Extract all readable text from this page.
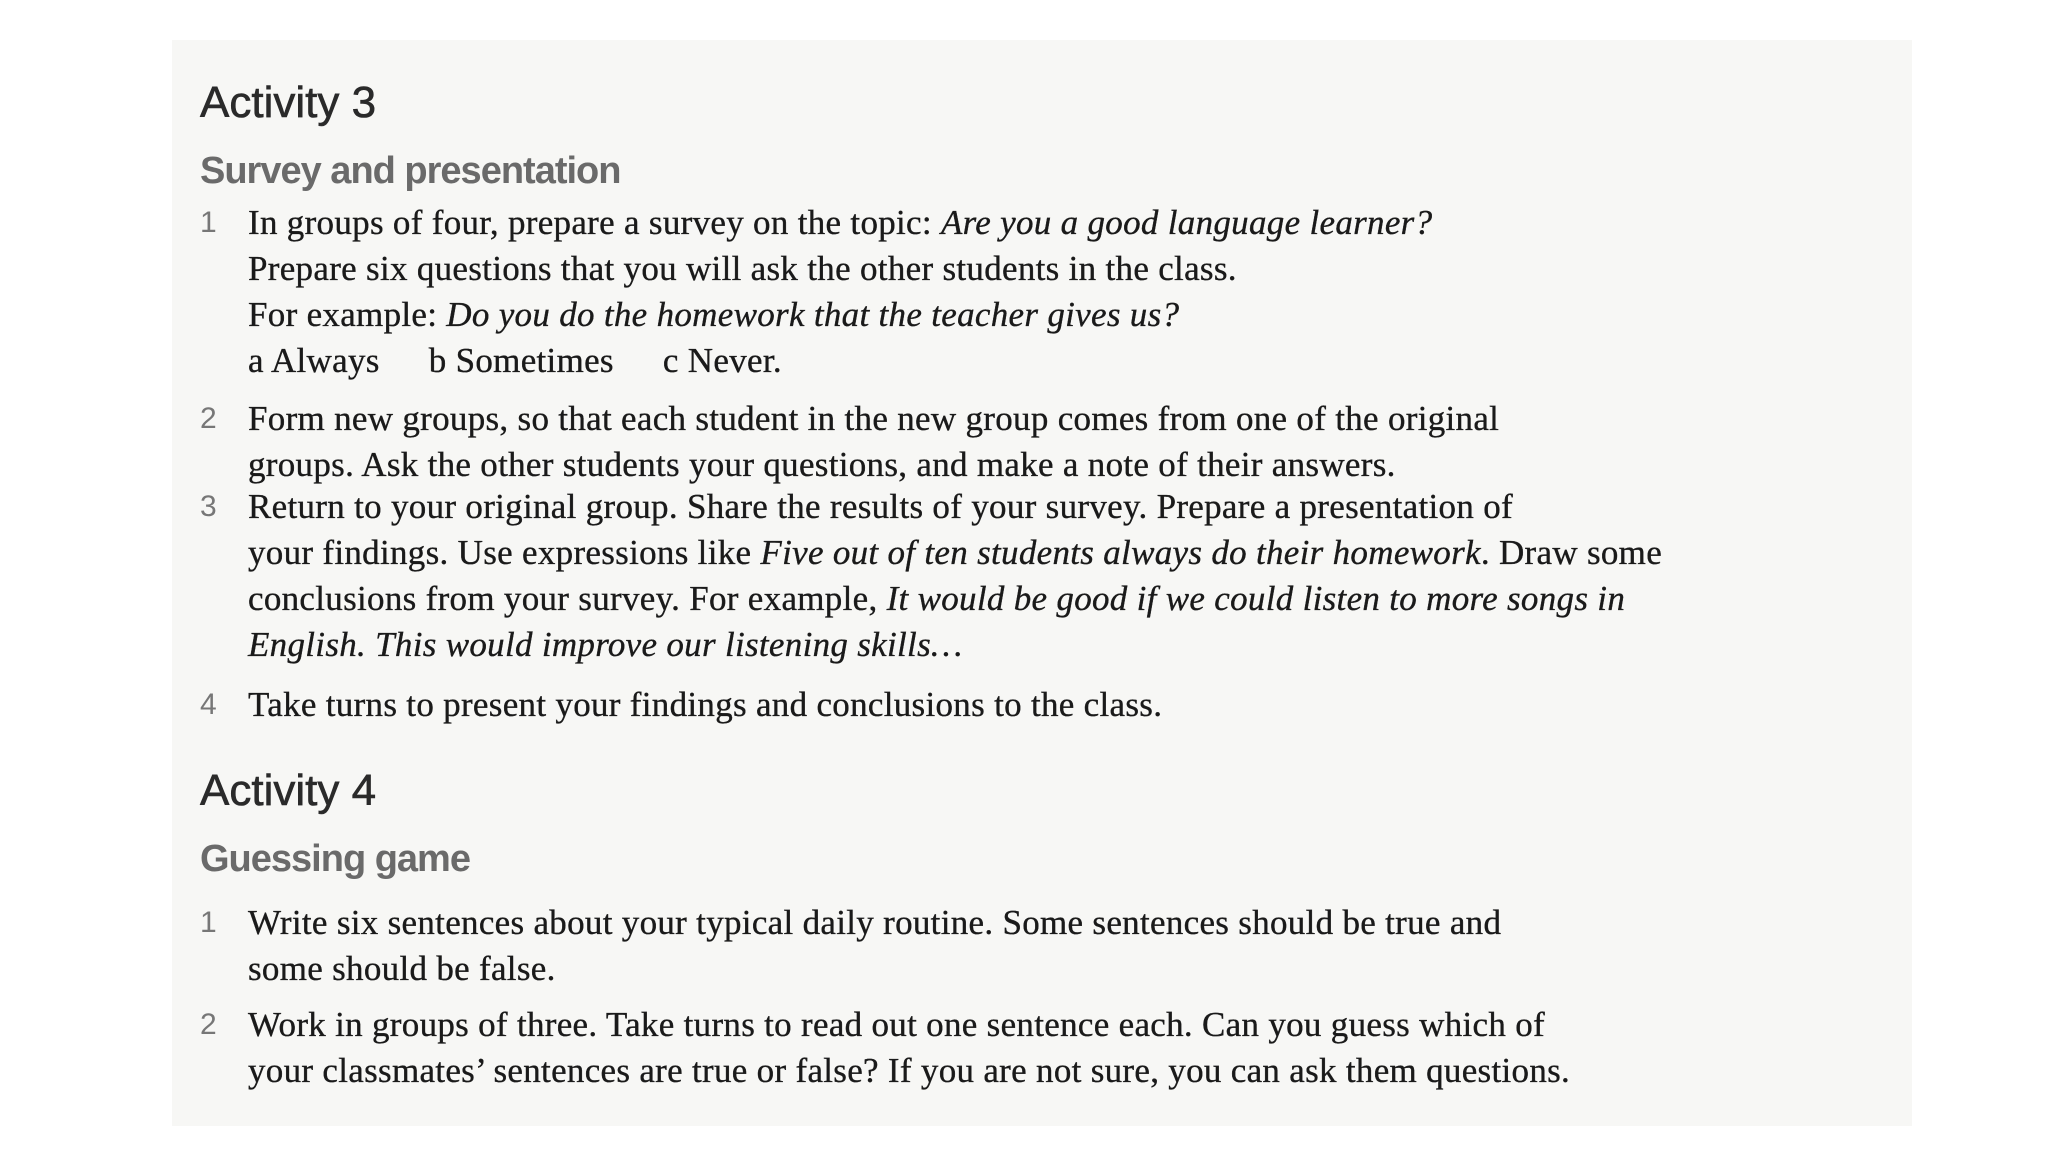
Activity 3
Survey and presentation
1 In groups of four, prepare a survey on the topic: Are you a good language learner?
Prepare six questions that you will ask the other students in the class.
For example: Do you do the homework that the teacher gives us?
a Always b Sometimes c Never.
2 Form new groups, so that each student in the new group comes from one of the original
groups. Ask the other students your questions, and make a note of their answers.
3 Return to your original group. Share the results of your survey. Prepare a presentation of
your findings. Use expressions like Five out of ten students always do their homework. Draw some
conclusions from your survey. For example, It would be good if we could listen to more songs in
English. This would improve our listening skills…
4 Take turns to present your findings and conclusions to the class.
Activity 4
Guessing game
1 Write six sentences about your typical daily routine. Some sentences should be true and
some should be false.
2 Work in groups of three. Take turns to read out one sentence each. Can you guess which of
your classmates’ sentences are true or false? If you are not sure, you can ask them questions.
